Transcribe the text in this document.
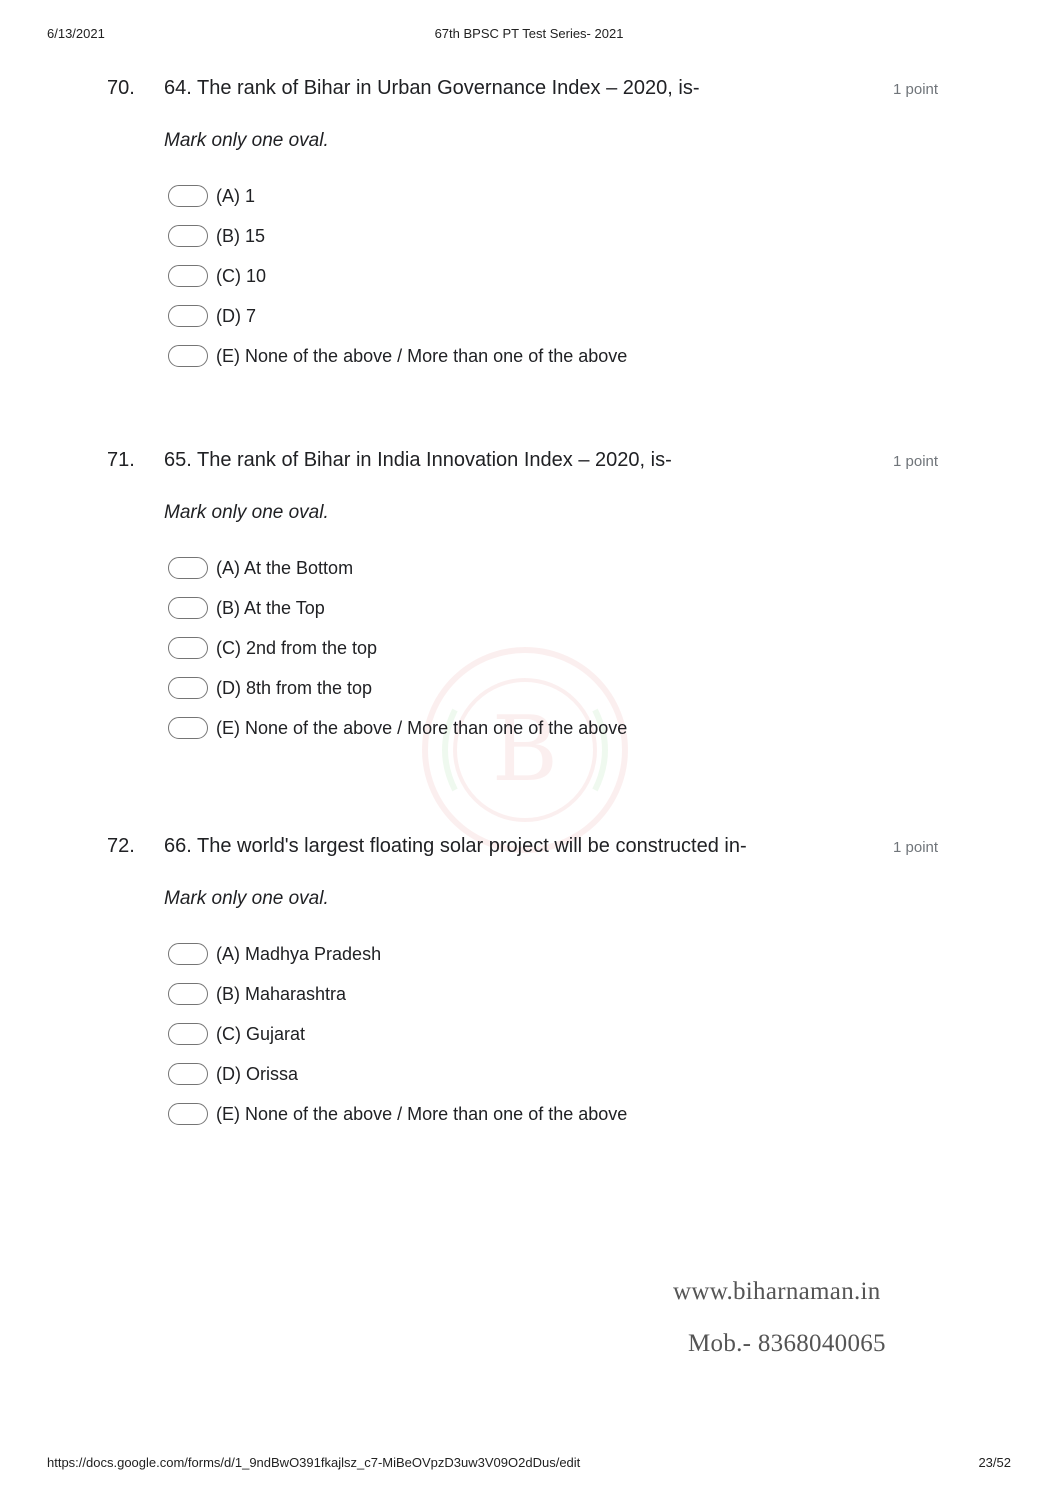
6/13/2021	67th BPSC PT Test Series- 2021
B
70. 64. The rank of Bihar in Urban Governance Index – 2020, is-	1 point
Mark only one oval.
(A) 1
(B) 15
(C) 10
(D) 7
(E) None of the above / More than one of the above
71. 65. The rank of Bihar in India Innovation Index – 2020, is-	1 point
Mark only one oval.
(A) At the Bottom
(B) At the Top
(C) 2nd from the top
(D) 8th from the top
(E) None of the above / More than one of the above
72. 66. The world's largest floating solar project will be constructed in-	1 point
Mark only one oval.
(A) Madhya Pradesh
(B) Maharashtra
(C) Gujarat
(D) Orissa
(E) None of the above / More than one of the above
www.biharnaman.in
Mob.- 8368040065
https://docs.google.com/forms/d/1_9ndBwO391fkajlsz_c7-MiBeOVpzD3uw3V09O2dDus/edit	23/52
